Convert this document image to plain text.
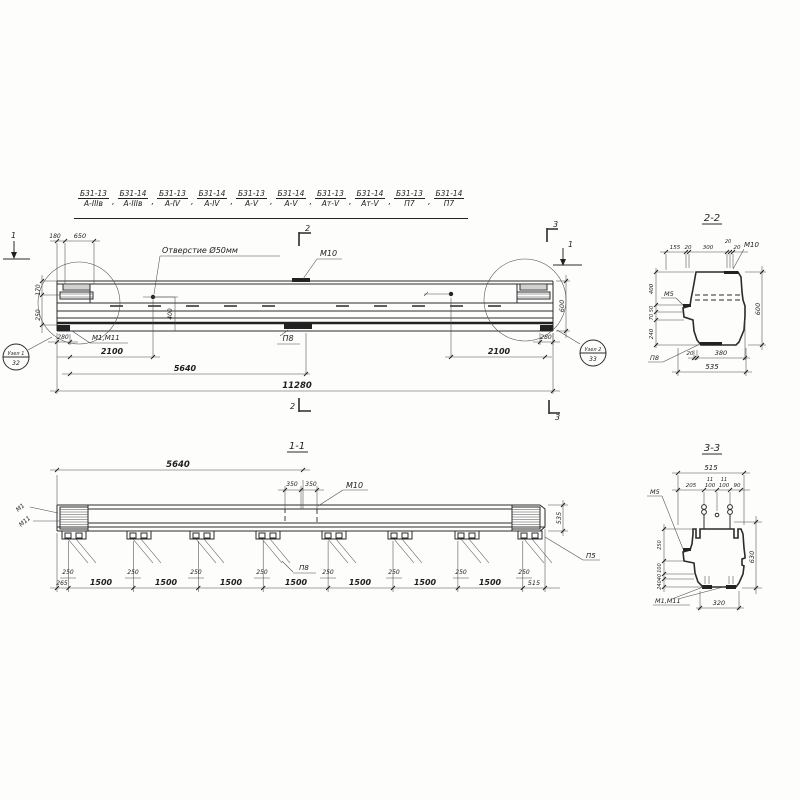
$\frac{Б31-13}{\text{А-IIIв}}$ , $\frac{Б31-14}{\text{А-IIIв}}$ , $\frac{Б31-13}{А-IV}$ , $\frac{Б31-14}{А-IV}$ , $\frac{Б31-13}{А-V}$ , $\frac{Б31-14}{А-V}$ , $\frac{Б31-13}{Ат-V}$ , $\frac{Б31-14}{Ат-V}$ , $\frac{Б31-13}{П7}$ , $\frac{Б31-14}{П7}$
Узел 1
32
Узел 2
33
Отверстие Ø50мм	М10
П8
М1,М11
180 650
170
250
280	280
400
2100
5640
11280
2100
600
2
2
3
3
1
1
1-1
350 350	М10
5640
250	250	250	250	250	250	250	250
265	1500	1500	1500	1500	1500	1500	1500	515
535
П5
П8
М1
М11
2-2
155 20 300
20
20 М10
400
50
70
240
М5
600
20	380
535
П8
3-3
515
205 100 100 90
11 11
М5
250
100
40
240
630
М1,М11	320
